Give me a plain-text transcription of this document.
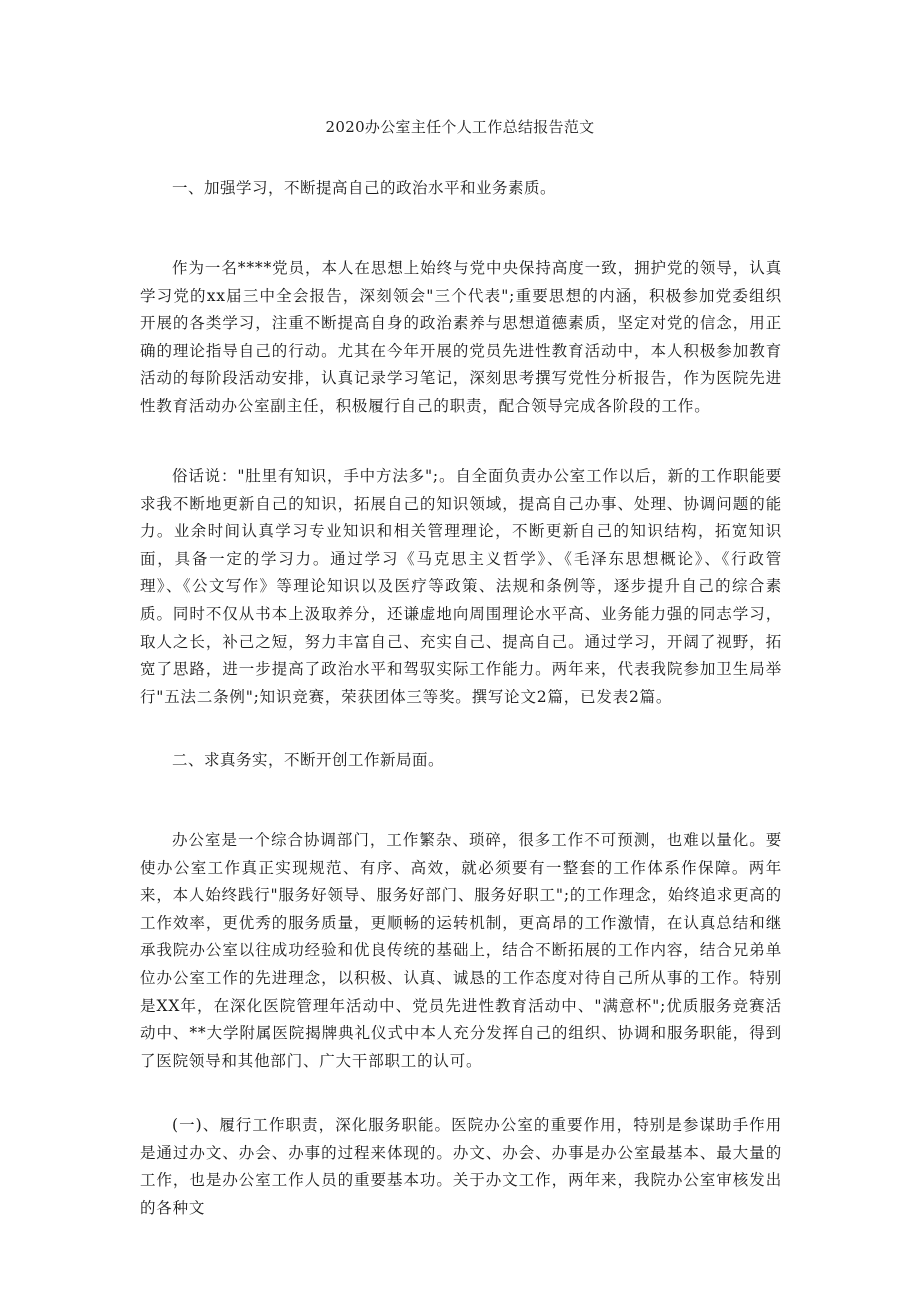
2020办公室主任个人工作总结报告范文
一、加强学习，不断提高自己的政治水平和业务素质。

作为一名****党员，本人在思想上始终与党中央保持高度一致，拥护党的领导，认真学习党的xx届三中全会报告，深刻领会"三个代表";重要思想的内涵，积极参加党委组织开展的各类学习，注重不断提高自身的政治素养与思想道德素质，坚定对党的信念，用正确的理论指导自己的行动。尤其在今年开展的党员先进性教育活动中，本人积极参加教育活动的每阶段活动安排，认真记录学习笔记，深刻思考撰写党性分析报告，作为医院先进性教育活动办公室副主任，积极履行自己的职责，配合领导完成各阶段的工作。

俗话说："肚里有知识，手中方法多";。自全面负责办公室工作以后，新的工作职能要求我不断地更新自己的知识，拓展自己的知识领域，提高自己办事、处理、协调问题的能力。业余时间认真学习专业知识和相关管理理论，不断更新自己的知识结构，拓宽知识面，具备一定的学习力。通过学习《马克思主义哲学》、《毛泽东思想概论》、《行政管理》、《公文写作》等理论知识以及医疗等政策、法规和条例等，逐步提升自己的综合素质。同时不仅从书本上汲取养分，还谦虚地向周围理论水平高、业务能力强的同志学习，取人之长，补己之短，努力丰富自己、充实自己、提高自己。通过学习，开阔了视野，拓宽了思路，进一步提高了政治水平和驾驭实际工作能力。两年来，代表我院参加卫生局举行"五法二条例";知识竞赛，荣获团体三等奖。撰写论文2篇，已发表2篇。

二、求真务实，不断开创工作新局面。

办公室是一个综合协调部门，工作繁杂、琐碎，很多工作不可预测，也难以量化。要使办公室工作真正实现规范、有序、高效，就必须要有一整套的工作体系作保障。两年来，本人始终践行"服务好领导、服务好部门、服务好职工";的工作理念，始终追求更高的工作效率，更优秀的服务质量，更顺畅的运转机制，更高昂的工作激情，在认真总结和继承我院办公室以往成功经验和优良传统的基础上，结合不断拓展的工作内容，结合兄弟单位办公室工作的先进理念，以积极、认真、诚恳的工作态度对待自己所从事的工作。特别是XX年，在深化医院管理年活动中、党员先进性教育活动中、"满意杯";优质服务竞赛活动中、**大学附属医院揭牌典礼仪式中本人充分发挥自己的组织、协调和服务职能，得到了医院领导和其他部门、广大干部职工的认可。

(一)、履行工作职责，深化服务职能。医院办公室的重要作用，特别是参谋助手作用是通过办文、办会、办事的过程来体现的。办文、办会、办事是办公室最基本、最大量的工作，也是办公室工作人员的重要基本功。关于办文工作，两年来，我院办公室审核发出的各种文
